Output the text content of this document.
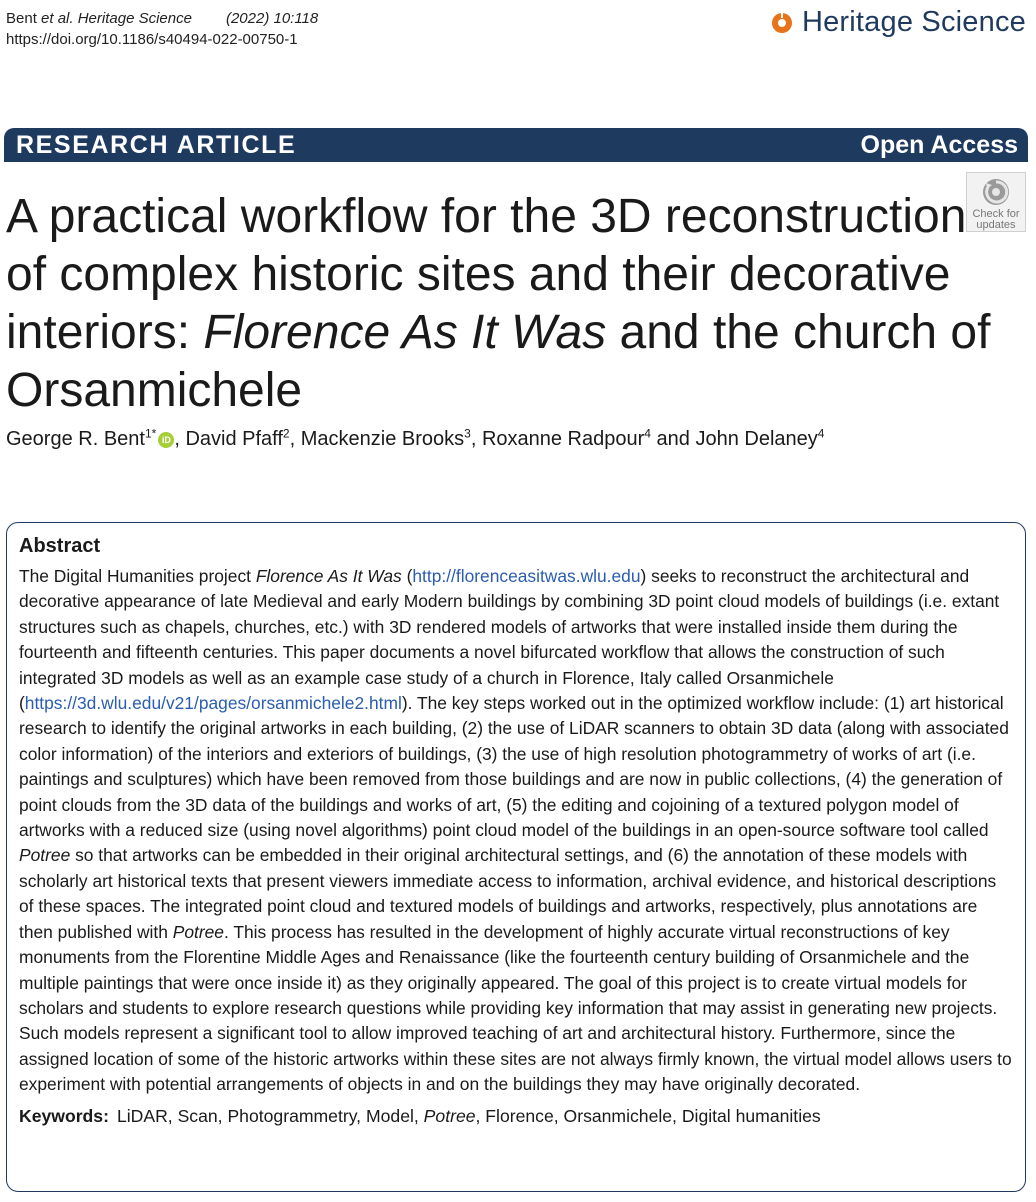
Bent et al. Heritage Science (2022) 10:118
https://doi.org/10.1186/s40494-022-00750-1
Heritage Science
RESEARCH ARTICLE	Open Access
Check for
updates
A practical workflow for the 3D reconstruction of complex historic sites and their decorative interiors: Florence As It Was and the church of Orsanmichele
George R. Bent$^{1*}$ iD , David Pfaff$^2$, Mackenzie Brooks$^3$, Roxanne Radpour$^4$ and John Delaney$^4$
Abstract

The Digital Humanities project Florence As It Was (http://florenceasitwas.wlu.edu) seeks to reconstruct the architectural and decorative appearance of late Medieval and early Modern buildings by combining 3D point cloud models of buildings (i.e. extant structures such as chapels, churches, etc.) with 3D rendered models of artworks that were installed inside them during the fourteenth and fifteenth centuries. This paper documents a novel bifurcated workflow that allows the construction of such integrated 3D models as well as an example case study of a church in Florence, Italy called Orsanmichele (https://3d.wlu.edu/v21/pages/orsanmichele2.html). The key steps worked out in the optimized workflow include: (1) art historical research to identify the original artworks in each building, (2) the use of LiDAR scanners to obtain 3D data (along with associated color information) of the interiors and exteriors of buildings, (3) the use of high resolution photogrammetry of works of art (i.e. paintings and sculptures) which have been removed from those buildings and are now in public collections, (4) the generation of point clouds from the 3D data of the buildings and works of art, (5) the editing and cojoining of a textured polygon model of artworks with a reduced size (using novel algorithms) point cloud model of the buildings in an open-source software tool called Potree so that artworks can be embedded in their original architectural settings, and (6) the annotation of these models with scholarly art historical texts that present viewers immediate access to information, archival evidence, and historical descriptions of these spaces. The integrated point cloud and textured models of buildings and artworks, respectively, plus annotations are then published with Potree. This process has resulted in the development of highly accurate virtual reconstructions of key monuments from the Florentine Middle Ages and Renaissance (like the fourteenth century building of Orsanmichele and the multiple paintings that were once inside it) as they originally appeared. The goal of this project is to create virtual models for scholars and students to explore research questions while providing key information that may assist in generating new projects. Such models represent a significant tool to allow improved teaching of art and architectural history. Furthermore, since the assigned location of some of the historic artworks within these sites are not always firmly known, the virtual model allows users to experiment with potential arrangements of objects in and on the buildings they may have originally decorated.

Keywords: LiDAR, Scan, Photogrammetry, Model, Potree, Florence, Orsanmichele, Digital humanities
